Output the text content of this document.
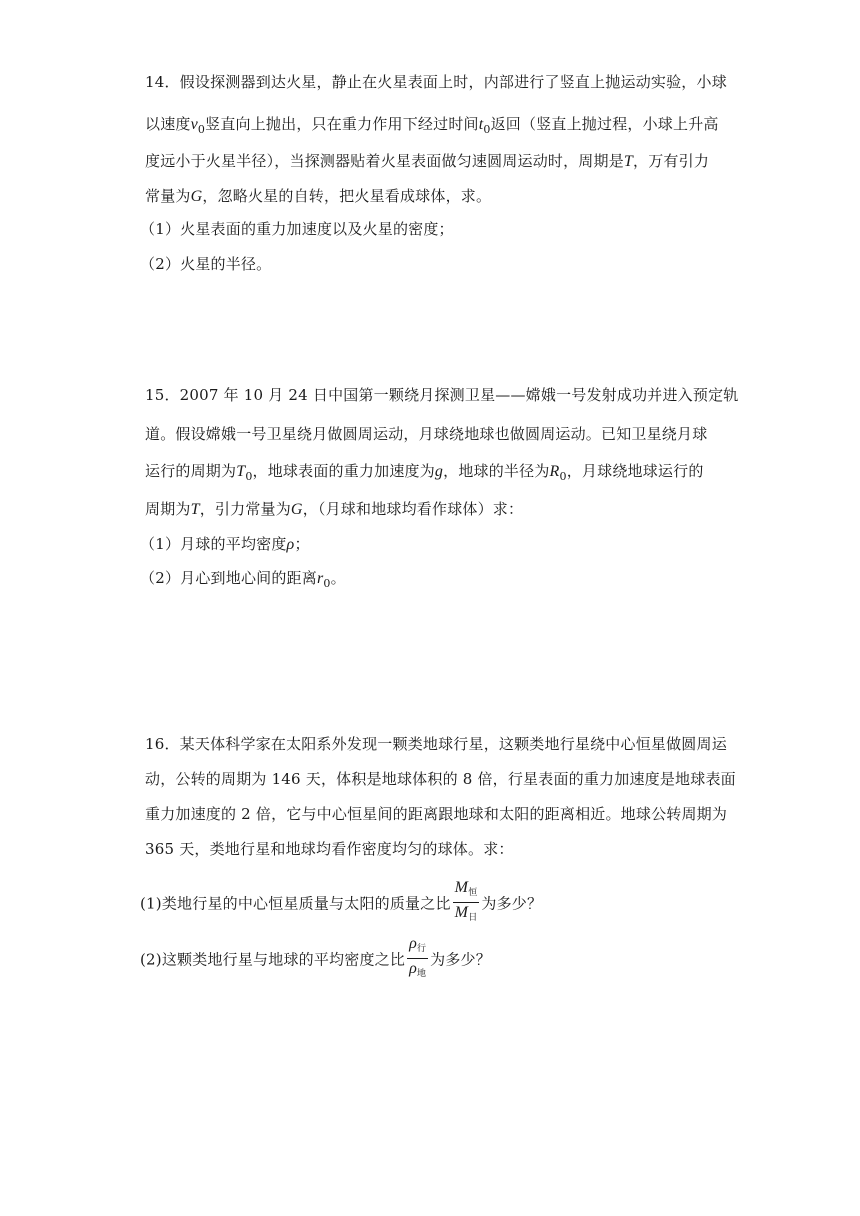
14．假设探测器到达火星，静止在火星表面上时，内部进行了竖直上抛运动实验，小球
以速度$v_0$竖直向上抛出，只在重力作用下经过时间$t_0$返回（竖直上抛过程，小球上升高
度远小于火星半径），当探测器贴着火星表面做匀速圆周运动时，周期是T，万有引力
常量为G，忽略火星的自转，把火星看成球体，求。
（1）火星表面的重力加速度以及火星的密度；
（2）火星的半径。
15．2007 年 10 月 24 日中国第一颗绕月探测卫星——嫦娥一号发射成功并进入预定轨
道。假设嫦娥一号卫星绕月做圆周运动，月球绕地球也做圆周运动。已知卫星绕月球
运行的周期为$T_0$，地球表面的重力加速度为g，地球的半径为$R_0$，月球绕地球运行的
周期为T，引力常量为G，（月球和地球均看作球体）求：
（1）月球的平均密度ρ；
（2）月心到地心间的距离$r_0$。
16．某天体科学家在太阳系外发现一颗类地球行星，这颗类地行星绕中心恒星做圆周运
动，公转的周期为 146 天，体积是地球体积的 8 倍，行星表面的重力加速度是地球表面
重力加速度的 2 倍，它与中心恒星间的距离跟地球和太阳的距离相近。地球公转周期为
365 天，类地行星和地球均看作密度均匀的球体。求：
(1)类地行星的中心恒星质量与太阳的质量之比 $\frac{M_恒}{M_日}$ 为多少？
(2)这颗类地行星与地球的平均密度之比 $\frac{\rho_行}{\rho_地}$ 为多少？
